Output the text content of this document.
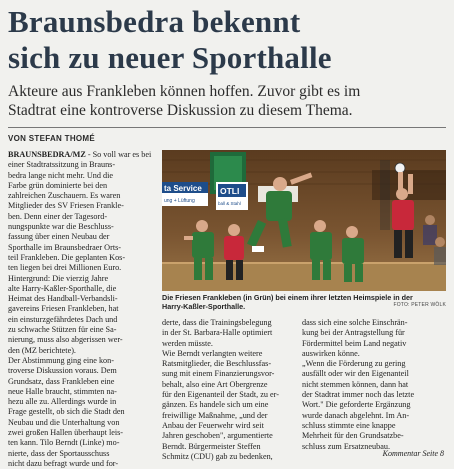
Braunsbedra bekennt
sich zu neuer Sporthalle
Akteure aus Frankleben können hoffen. Zuvor gibt es im
Stadtrat eine kontroverse Diskussion zu diesem Thema.
VON STEFAN THOMÉ
BRAUNSBEDRA/MZ - So voll war es bei
einer Stadtratssitzung in Brauns-
bedra lange nicht mehr. Und die
Farbe grün dominierte bei den
zahlreichen Zuschauern. Es waren
Mitglieder des SV Friesen Frankle-
ben. Denn einer der Tagesord-
nungspunkte war die Beschluss-
fassung über einen Neubau der
Sporthalle im Braunsbedraer Orts-
teil Frankleben. Die geplanten Kos-
ten liegen bei drei Millionen Euro.
Hintergrund: Die vierzig Jahre
alte Harry-Kaßler-Sporthalle, die
Heimat des Handball-Verbandsli-
gavereins Friesen Frankleben, hat
ein einsturzgefährdetes Dach und
zu schwache Stützen für eine Sa-
nierung, muss also abgerissen wer-
den (MZ berichtete).
Der Abstimmung ging eine kon-
troverse Diskussion voraus. Dem
Grundsatz, dass Frankleben eine
neue Halle braucht, stimmten na-
hezu alle zu. Allerdings wurde in
Frage gestellt, ob sich die Stadt den
Neubau und die Unterhaltung von
zwei großen Hallen überhaupt leis-
ten kann. Tilo Berndt (Linke) mo-
nierte, dass der Sportausschuss
nicht dazu befragt wurde und for-
ta Service
ung + Lüftung
OTLI
ball & Stahl
Die Friesen Frankleben (in Grün) bei einem ihrer letzten Heimspiele in der
Harry-Kaßler-Sporthalle.	FOTO: PETER WÖLK
derte, dass die Trainingsbelegung
in der St. Barbara-Halle optimiert
werden müsste.
Wie Berndt verlangten weitere
Ratsmitglieder, die Beschlussfas-
sung mit einem Finanzierungsvor-
behalt, also eine Art Obergrenze
für den Eigenanteil der Stadt, zu er-
gänzen. Es handele sich um eine
freiwillige Maßnahme, „und der
Anbau der Feuerwehr wird seit
Jahren geschoben", argumentierte
Berndt. Bürgermeister Steffen
Schmitz (CDU) gab zu bedenken,
dass sich eine solche Einschrän-
kung bei der Antragstellung für
Fördermittel beim Land negativ
auswirken könne.
„Wenn die Förderung zu gering
ausfällt oder wir den Eigenanteil
nicht stemmen können, dann hat
der Stadtrat immer noch das letzte
Wort." Die geforderte Ergänzung
wurde danach abgelehnt. Im An-
schluss stimmte eine knappe
Mehrheit für den Grundsatzbe-
schluss zum Ersatzneubau.
Kommentar Seite 8
